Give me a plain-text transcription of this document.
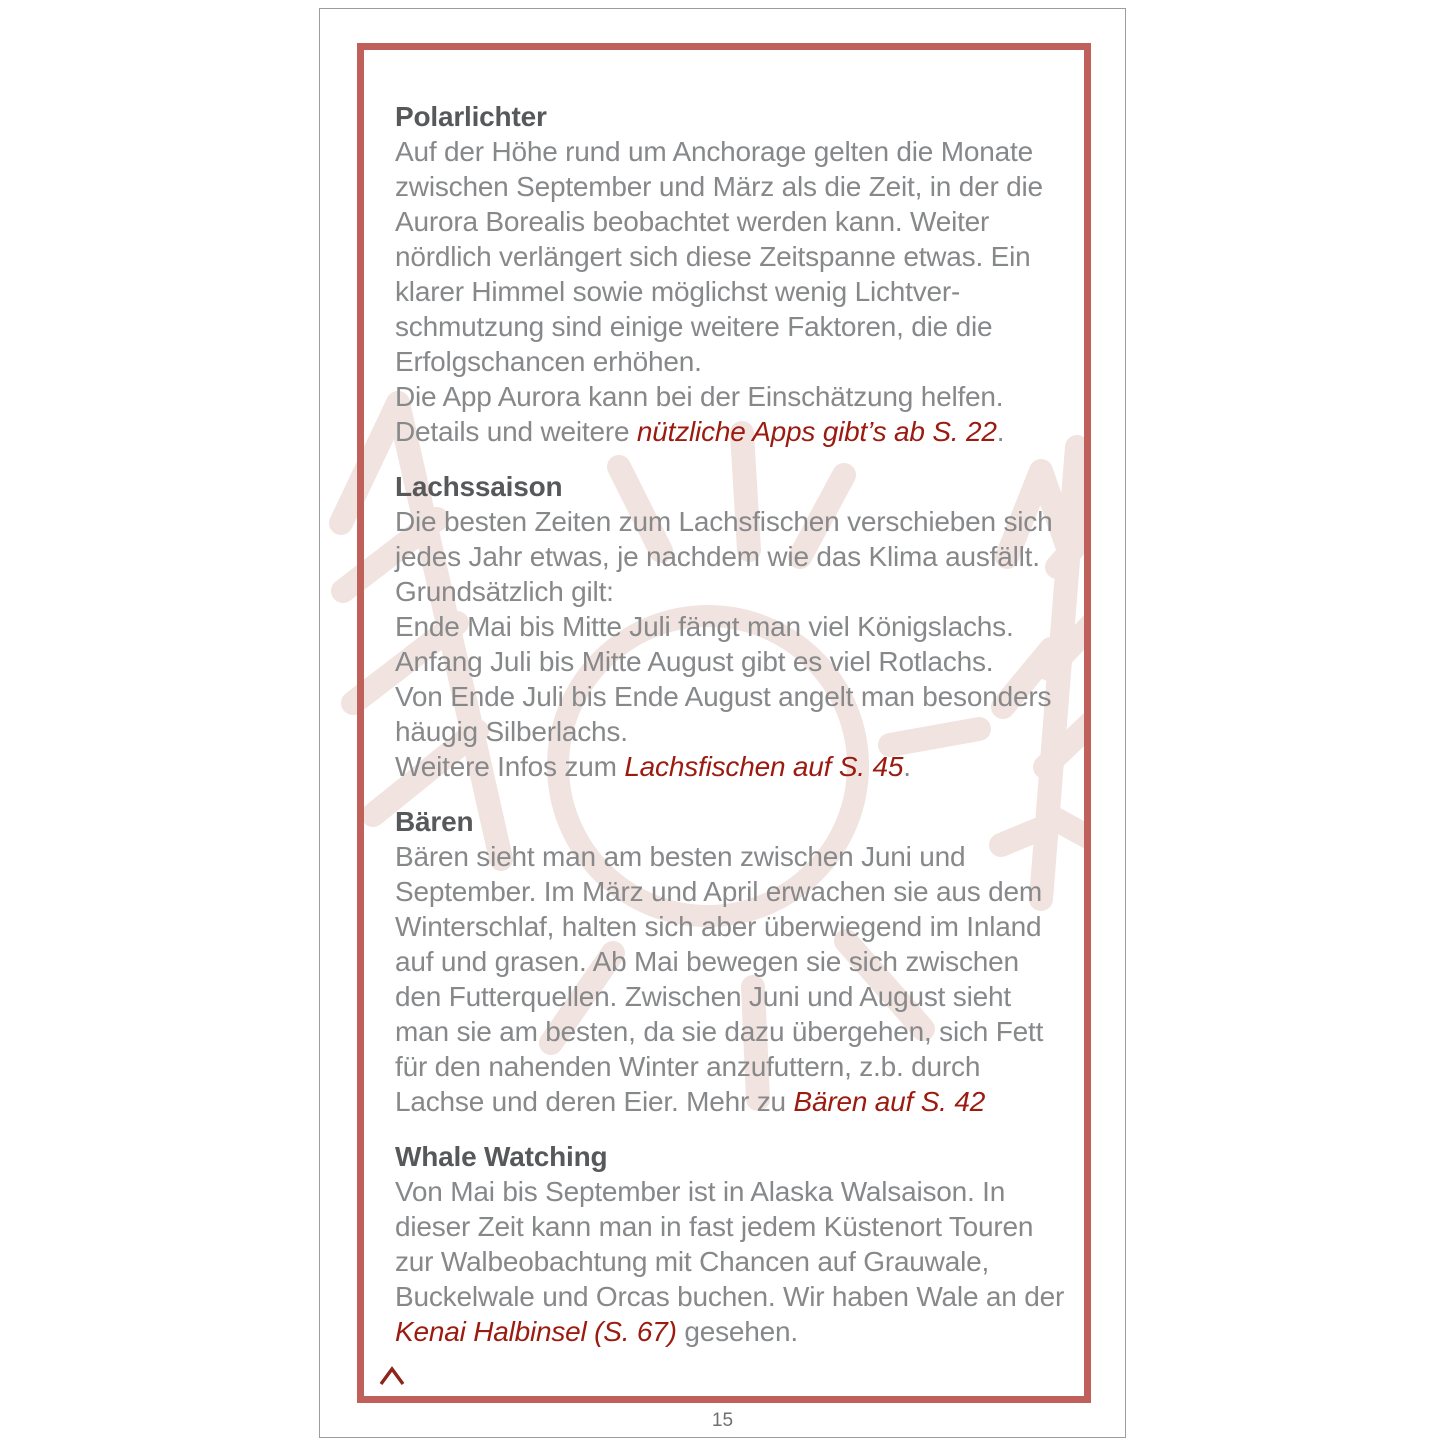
Polarlichter
Auf der Höhe rund um Anchorage gelten die Monate
zwischen September und März als die Zeit, in der die
Aurora Borealis beobachtet werden kann. Weiter
nördlich verlängert sich diese Zeitspanne etwas. Ein
klarer Himmel sowie möglichst wenig Lichtver-
schmutzung sind einige weitere Faktoren, die die
Erfolgschancen erhöhen.
Die App Aurora kann bei der Einschätzung helfen.
Details und weitere nützliche Apps gibt’s ab S. 22.
Lachssaison
Die besten Zeiten zum Lachsfischen verschieben sich
jedes Jahr etwas, je nachdem wie das Klima ausfällt.
Grundsätzlich gilt:
Ende Mai bis Mitte Juli fängt man viel Königslachs.
Anfang Juli bis Mitte August gibt es viel Rotlachs.
Von Ende Juli bis Ende August angelt man besonders
häugig Silberlachs.
Weitere Infos zum Lachsfischen auf S. 45.
Bären
Bären sieht man am besten zwischen Juni und
September. Im März und April erwachen sie aus dem
Winterschlaf, halten sich aber überwiegend im Inland
auf und grasen. Ab Mai bewegen sie sich zwischen
den Futterquellen. Zwischen Juni und August sieht
man sie am besten, da sie dazu übergehen, sich Fett
für den nahenden Winter anzufuttern, z.b. durch
Lachse und deren Eier. Mehr zu Bären auf S. 42
Whale Watching
Von Mai bis September ist in Alaska Walsaison. In
dieser Zeit kann man in fast jedem Küstenort Touren
zur Walbeobachtung mit Chancen auf Grauwale,
Buckelwale und Orcas buchen. Wir haben Wale an der
Kenai Halbinsel (S. 67) gesehen.
15
